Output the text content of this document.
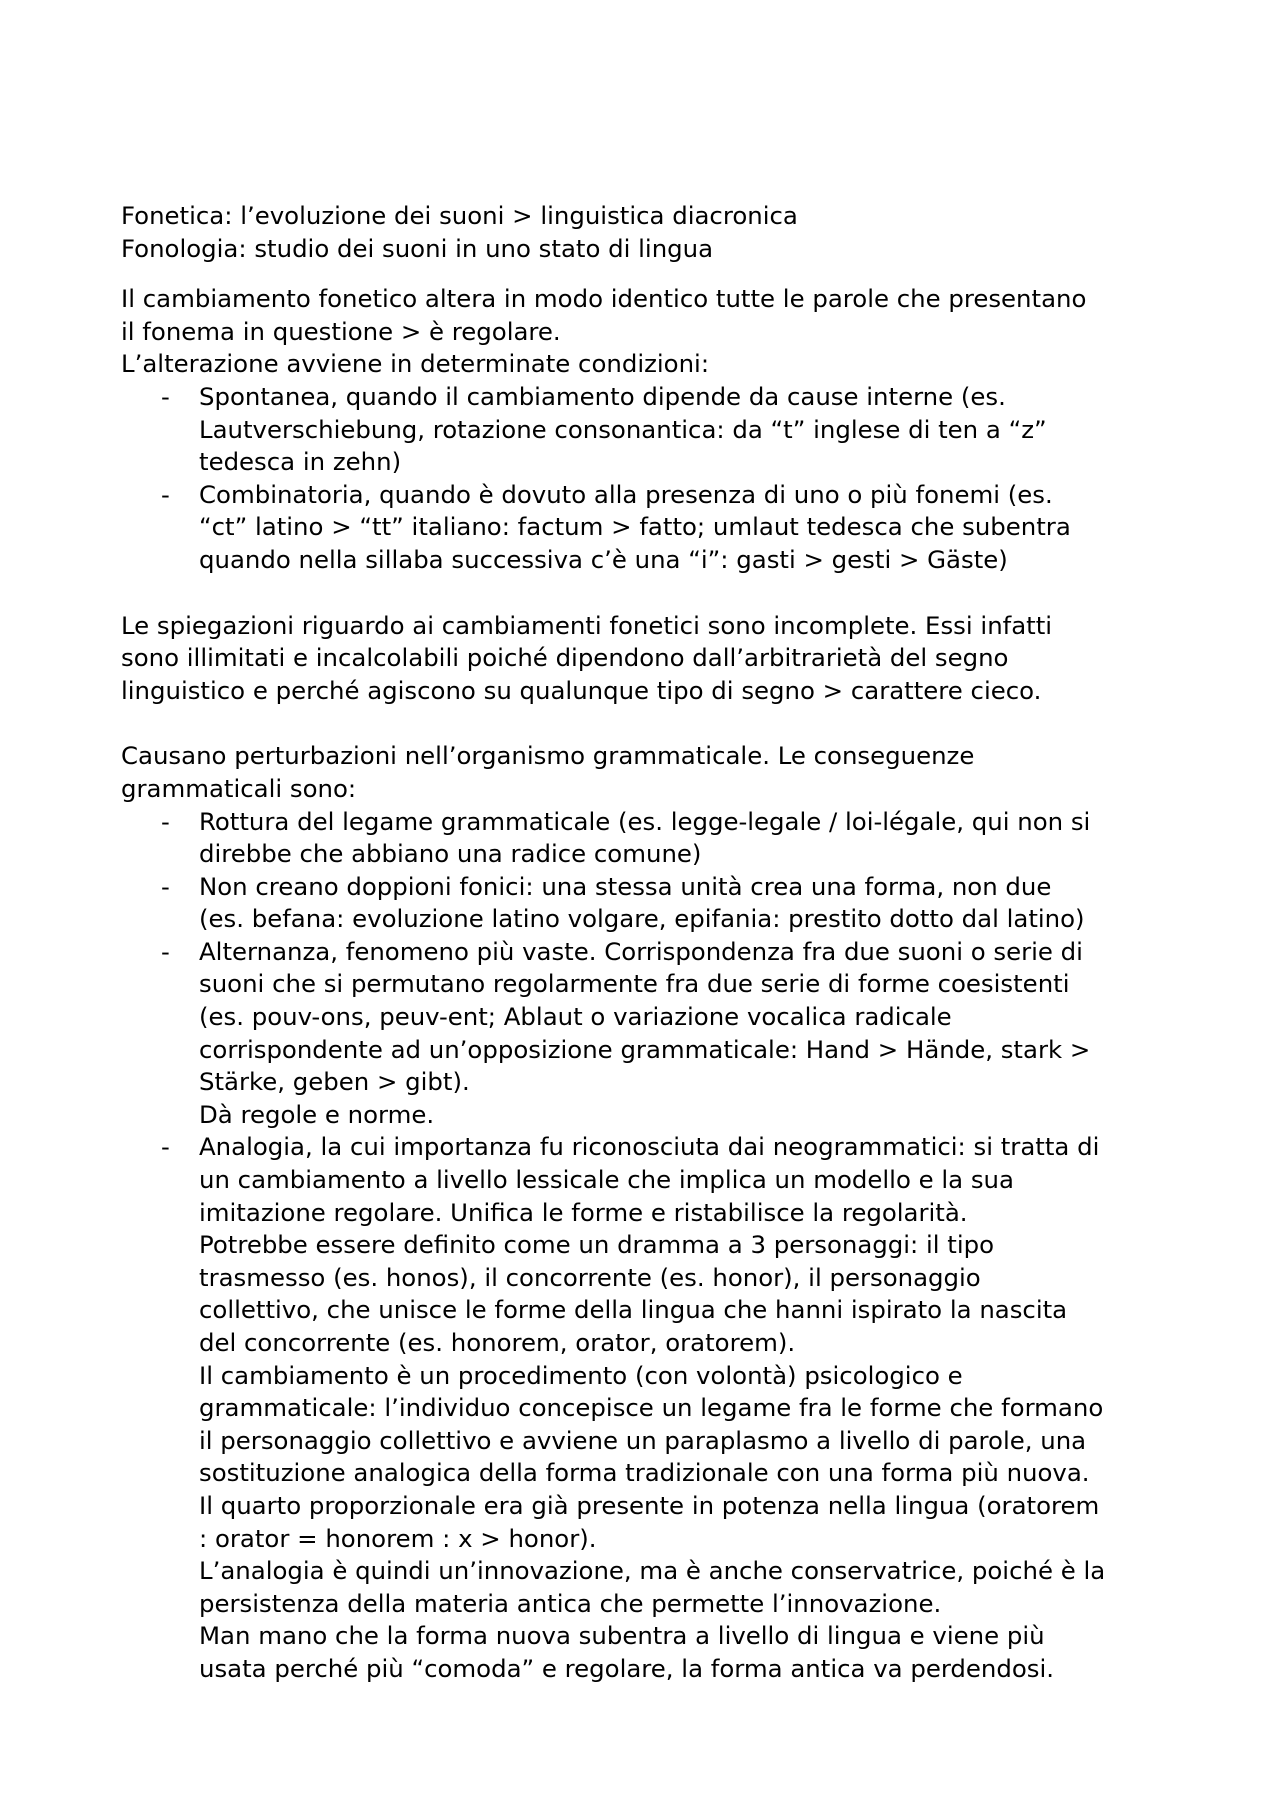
Fonetica: l’evoluzione dei suoni > linguistica diacronica
Fonologia: studio dei suoni in uno stato di lingua
Il cambiamento fonetico altera in modo identico tutte le parole che presentano
il fonema in questione > è regolare.
L’alterazione avviene in determinate condizioni:
- Spontanea, quando il cambiamento dipende da cause interne (es.
Lautverschiebung, rotazione consonantica: da “t” inglese di ten a “z”
tedesca in zehn)
- Combinatoria, quando è dovuto alla presenza di uno o più fonemi (es.
“ct” latino > “tt” italiano: factum > fatto; umlaut tedesca che subentra
quando nella sillaba successiva c’è una “i”: gasti > gesti > Gäste)
Le spiegazioni riguardo ai cambiamenti fonetici sono incomplete. Essi infatti
sono illimitati e incalcolabili poiché dipendono dall’arbitrarietà del segno
linguistico e perché agiscono su qualunque tipo di segno > carattere cieco.
Causano perturbazioni nell’organismo grammaticale. Le conseguenze
grammaticali sono:
- Rottura del legame grammaticale (es. legge-legale / loi-légale, qui non si
direbbe che abbiano una radice comune)
- Non creano doppioni fonici: una stessa unità crea una forma, non due
(es. befana: evoluzione latino volgare, epifania: prestito dotto dal latino)
- Alternanza, fenomeno più vaste. Corrispondenza fra due suoni o serie di
suoni che si permutano regolarmente fra due serie di forme coesistenti
(es. pouv-ons, peuv-ent; Ablaut o variazione vocalica radicale
corrispondente ad un’opposizione grammaticale: Hand > Hände, stark >
Stärke, geben > gibt).
Dà regole e norme.
- Analogia, la cui importanza fu riconosciuta dai neogrammatici: si tratta di
un cambiamento a livello lessicale che implica un modello e la sua
imitazione regolare. Unifica le forme e ristabilisce la regolarità.
Potrebbe essere definito come un dramma a 3 personaggi: il tipo
trasmesso (es. honos), il concorrente (es. honor), il personaggio
collettivo, che unisce le forme della lingua che hanni ispirato la nascita
del concorrente (es. honorem, orator, oratorem).
Il cambiamento è un procedimento (con volontà) psicologico e
grammaticale: l’individuo concepisce un legame fra le forme che formano
il personaggio collettivo e avviene un paraplasmo a livello di parole, una
sostituzione analogica della forma tradizionale con una forma più nuova.
Il quarto proporzionale era già presente in potenza nella lingua (oratorem
: orator = honorem : x > honor).
L’analogia è quindi un’innovazione, ma è anche conservatrice, poiché è la
persistenza della materia antica che permette l’innovazione.
Man mano che la forma nuova subentra a livello di lingua e viene più
usata perché più “comoda” e regolare, la forma antica va perdendosi.
